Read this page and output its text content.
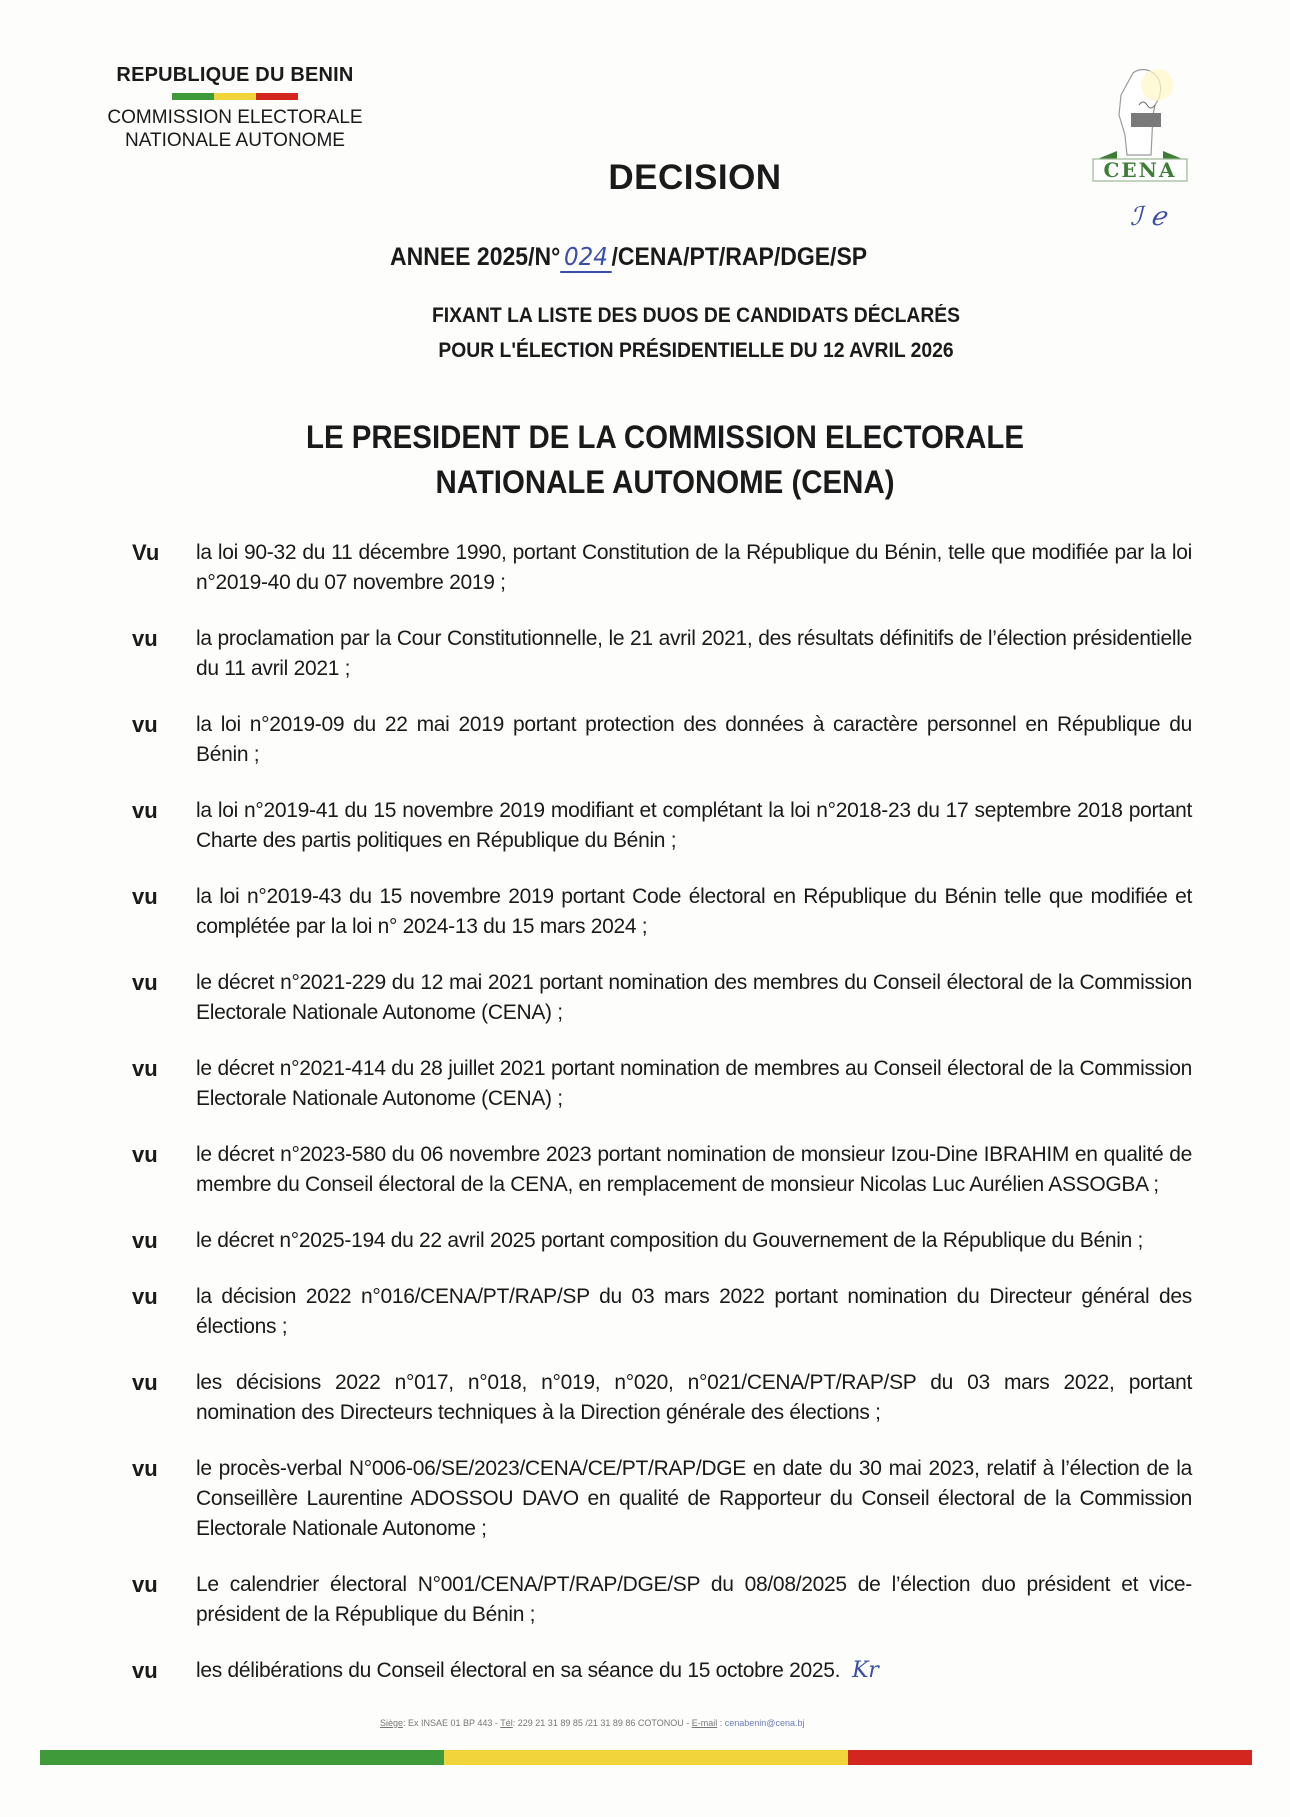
REPUBLIQUE DU BENIN
COMMISSION ELECTORALE
NATIONALE AUTONOME
CENA
DECISION
ANNEE 2025/N° 024 /CENA/PT/RAP/DGE/SP
ℐ ℯ
FIXANT LA LISTE DES DUOS DE CANDIDATS DÉCLARÉS
POUR L'ÉLECTION PRÉSIDENTIELLE DU 12 AVRIL 2026
LE PRESIDENT DE LA COMMISSION ELECTORALE
NATIONALE AUTONOME (CENA)
Vu	la loi 90-32 du 11 décembre 1990, portant Constitution de la République du Bénin, telle que modifiée par la loi n°2019-40 du 07 novembre 2019 ;
vu	la proclamation par la Cour Constitutionnelle, le 21 avril 2021, des résultats définitifs de l’élection présidentielle du 11 avril 2021 ;
vu	la loi n°2019-09 du 22 mai 2019 portant protection des données à caractère personnel en République du Bénin ;
vu	la loi n°2019-41 du 15 novembre 2019 modifiant et complétant la loi n°2018-23 du 17 septembre 2018 portant Charte des partis politiques en République du Bénin ;
vu	la loi n°2019-43 du 15 novembre 2019 portant Code électoral en République du Bénin telle que modifiée et complétée par la loi n° 2024-13 du 15 mars 2024 ;
vu	le décret n°2021-229 du 12 mai 2021 portant nomination des membres du Conseil électoral de la Commission Electorale Nationale Autonome (CENA) ;
vu	le décret n°2021-414 du 28 juillet 2021 portant nomination de membres au Conseil électoral de la Commission Electorale Nationale Autonome (CENA) ;
vu	le décret n°2023-580 du 06 novembre 2023 portant nomination de monsieur Izou-Dine IBRAHIM en qualité de membre du Conseil électoral de la CENA, en remplacement de monsieur Nicolas Luc Aurélien ASSOGBA ;
vu	le décret n°2025-194 du 22 avril 2025 portant composition du Gouvernement de la République du Bénin ;
vu	la décision 2022 n°016/CENA/PT/RAP/SP du 03 mars 2022 portant nomination du Directeur général des élections ;
vu	les décisions 2022 n°017, n°018, n°019, n°020, n°021/CENA/PT/RAP/SP du 03 mars 2022, portant nomination des Directeurs techniques à la Direction générale des élections ;
vu	le procès-verbal N°006-06/SE/2023/CENA/CE/PT/RAP/DGE en date du 30 mai 2023, relatif à l’élection de la Conseillère Laurentine ADOSSOU DAVO en qualité de Rapporteur du Conseil électoral de la Commission Electorale Nationale Autonome ;
vu	Le calendrier électoral N°001/CENA/PT/RAP/DGE/SP du 08/08/2025 de l’élection duo président et vice-président de la République du Bénin ;
vu	les délibérations du Conseil électoral en sa séance du 15 octobre 2025. Kr
Siège: Ex INSAE 01 BP 443 - Tél: 229 21 31 89 85 /21 31 89 86 COTONOU - E-mail : cenabenin@cena.bj
